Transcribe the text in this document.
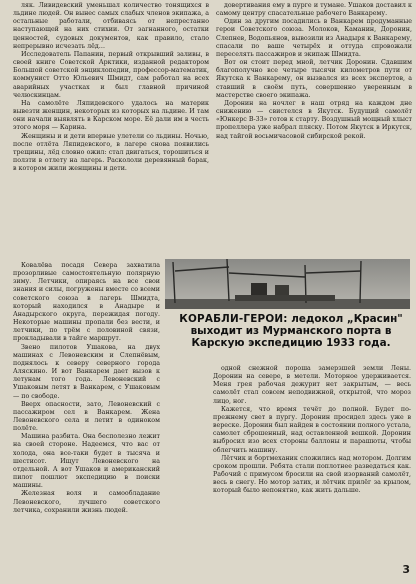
ляк. Ливидевский уменьшал количество тонящихся в льдине людей. Он вынес самых слабых членов экипажа, а остальные работали, отбиваясь от непрестанно наступающей на них стихии. От загнанного, остатки ценностей, судовых документов, как правило, стало непрерывно исчезать лёд…

Исследователь Папанин, первый открывший заливы, в своей книге Советской Арктики, изданной редактором Большой советской энциклопедии, профессор-математик, коммунист Отто Юльевич Шмидт, сам работал на всех аварийных участках и был главной причиной челюскинцам.

На самолёте Ляпидевского удалось на материк вывезти женщин, некоторых из которых на льдине. И там они начали выявлять в Карском море. Её дали им в честь этого моря — Карина.

Женщины и и дети впервые улетели со льдины. Ночью, после отлёта Ляпидевского, в лагере снова появились трещины, лёд словно ожил: стал двигаться, торошиться и ползти в отлету на лагерь. Раскололи деревянный барак, в котором жили женщины и дети.

довертивания ему в пурге и тумане. Ушаков доставил к самому центру спасательные рабочего Ванкарему.

Один за другим посадились в Ванкарем продуманные герои Советского союза. Молоков, Каманин, Доронин, Слепнев, Водопьянов, вывозили из Анадыря к Ванкарему, спасали по ваше четырёх и оттуда спровожали переселять пассажиров и экипаж Шмидта.

Вот он стоит перед мной, летчик Доронин. Сдавшим благополучно все четыре тысячи километров пути от Якутска к Ванкарему, он вызвался из всех экспертов, а ставший в своём путь, совершенно уверенным в мастерстве своего экипажа.

Доронин на ночлег в наш отряд на каждом дне снижению — свистелся в Якутск. Будущий самолёт «Юнкерс В-33» готов к старту. Воздушный мощный хлыст пропеллера уже набрал пляску. Потом Якутск в Иркутск, над тайгой восьмичасовой сибирской рекой.

Ковалёва посадя Севера захватила прозорливые самостоятельную полярную зиму. Летчики, опираясь на все свои знания и силы, погружены вместе со всеми советского союза в лагерь Шмидта, который находился в Анадыре и Анадырского округа, пережидая погоду. Некоторые машины пропали без вести, и летчики, по трём с половиной связи, прокладывали в тайге маршрут.

Звено пилотов Ушакова, на двух машинах с Левоневским и Слепнёвым, поднялось к северу северного города Аляскино. И вот Ванкарем дает вызов к летунам того года. Левоневский с Ушаковым летят в Ванкарем, с Ушаковым — по свободе.

Вверх опасности, зато, Левоневский с пассажиром сел в Ванкарем. Жена Левоневского села и летит в одиноком полёте.

Машина разбита. Она бесполезно лежит на своей стороне. Надеемся, что вас от холода, она все-таки будет в тысяча и шестисот. Ищут Левоневского на отдельной. А вот Ушаков и американский пилот пошлют экспедицию в поиски машины.

Железная воля и самообладание Левоневского, лучшего советского летчика, сохранили жизнь людей.

КОРАБЛИ-ГЕРОИ: ледокол „Красин" выходит из Мурманского порта в Карскую экспедицию 1933 года.

одной снежной пороша замерзшей земли Лены. Доронин на севере, в метели. Моторное удерживается. Меня грея рабочая дежурит нет закрытым, — весь самолёт стал совсем неподвижной, открытой, что мороз лицо, ног.

Кажется, что время течёт до полной. Будет по-прежнему свет в пургу. Доронин просидел здесь уже в вереске. Доронин был найден в состоянии полного устала, самолет сброшенный, над оставленной вешкой. Доронин выбросил изо всех стороны баллоны и парашюты, чтобы облегчить машину.

Лётчик и бортмеханик сложились над мотором. Долгим сроком прошли. Ребята стали поплотнее разведаться как. Рабочий с примусом бросили на свой изорваннй самолёт, весь в снегу. Но мотор затих, и лётчик прилёг за крылом, который было непонятно, как жить дальше.

3
